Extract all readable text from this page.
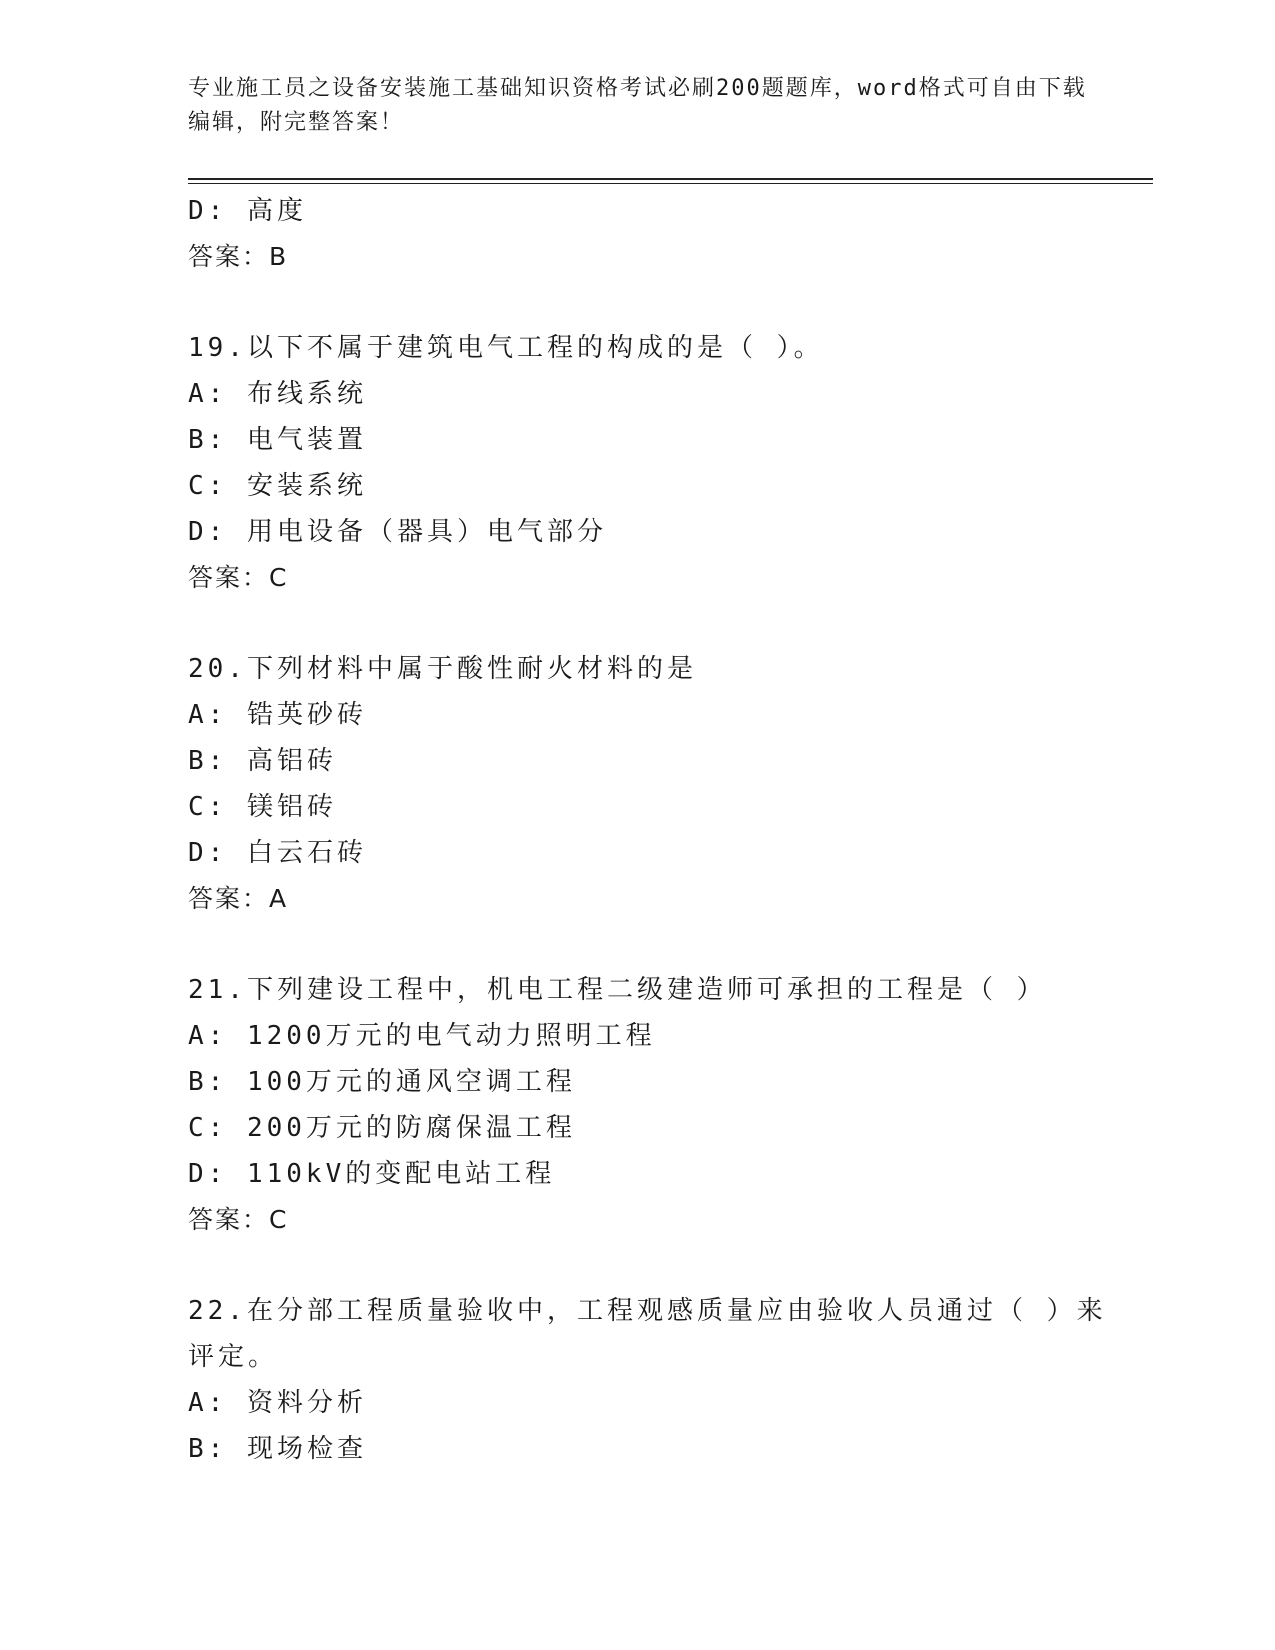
专业施工员之设备安装施工基础知识资格考试必刷200题题库，word格式可自由下载编辑，附完整答案！
D: 高度
答案：B
19.以下不属于建筑电气工程的构成的是（ ）。
A: 布线系统
B: 电气装置
C: 安装系统
D: 用电设备（器具）电气部分
答案：C
20.下列材料中属于酸性耐火材料的是
A: 锆英砂砖
B: 高铝砖
C: 镁铝砖
D: 白云石砖
答案：A
21.下列建设工程中，机电工程二级建造师可承担的工程是（ ）
A: 1200万元的电气动力照明工程
B: 100万元的通风空调工程
C: 200万元的防腐保温工程
D: 110kV的变配电站工程
答案：C
22.在分部工程质量验收中，工程观感质量应由验收人员通过（ ）来评定。
A: 资料分析
B: 现场检查
